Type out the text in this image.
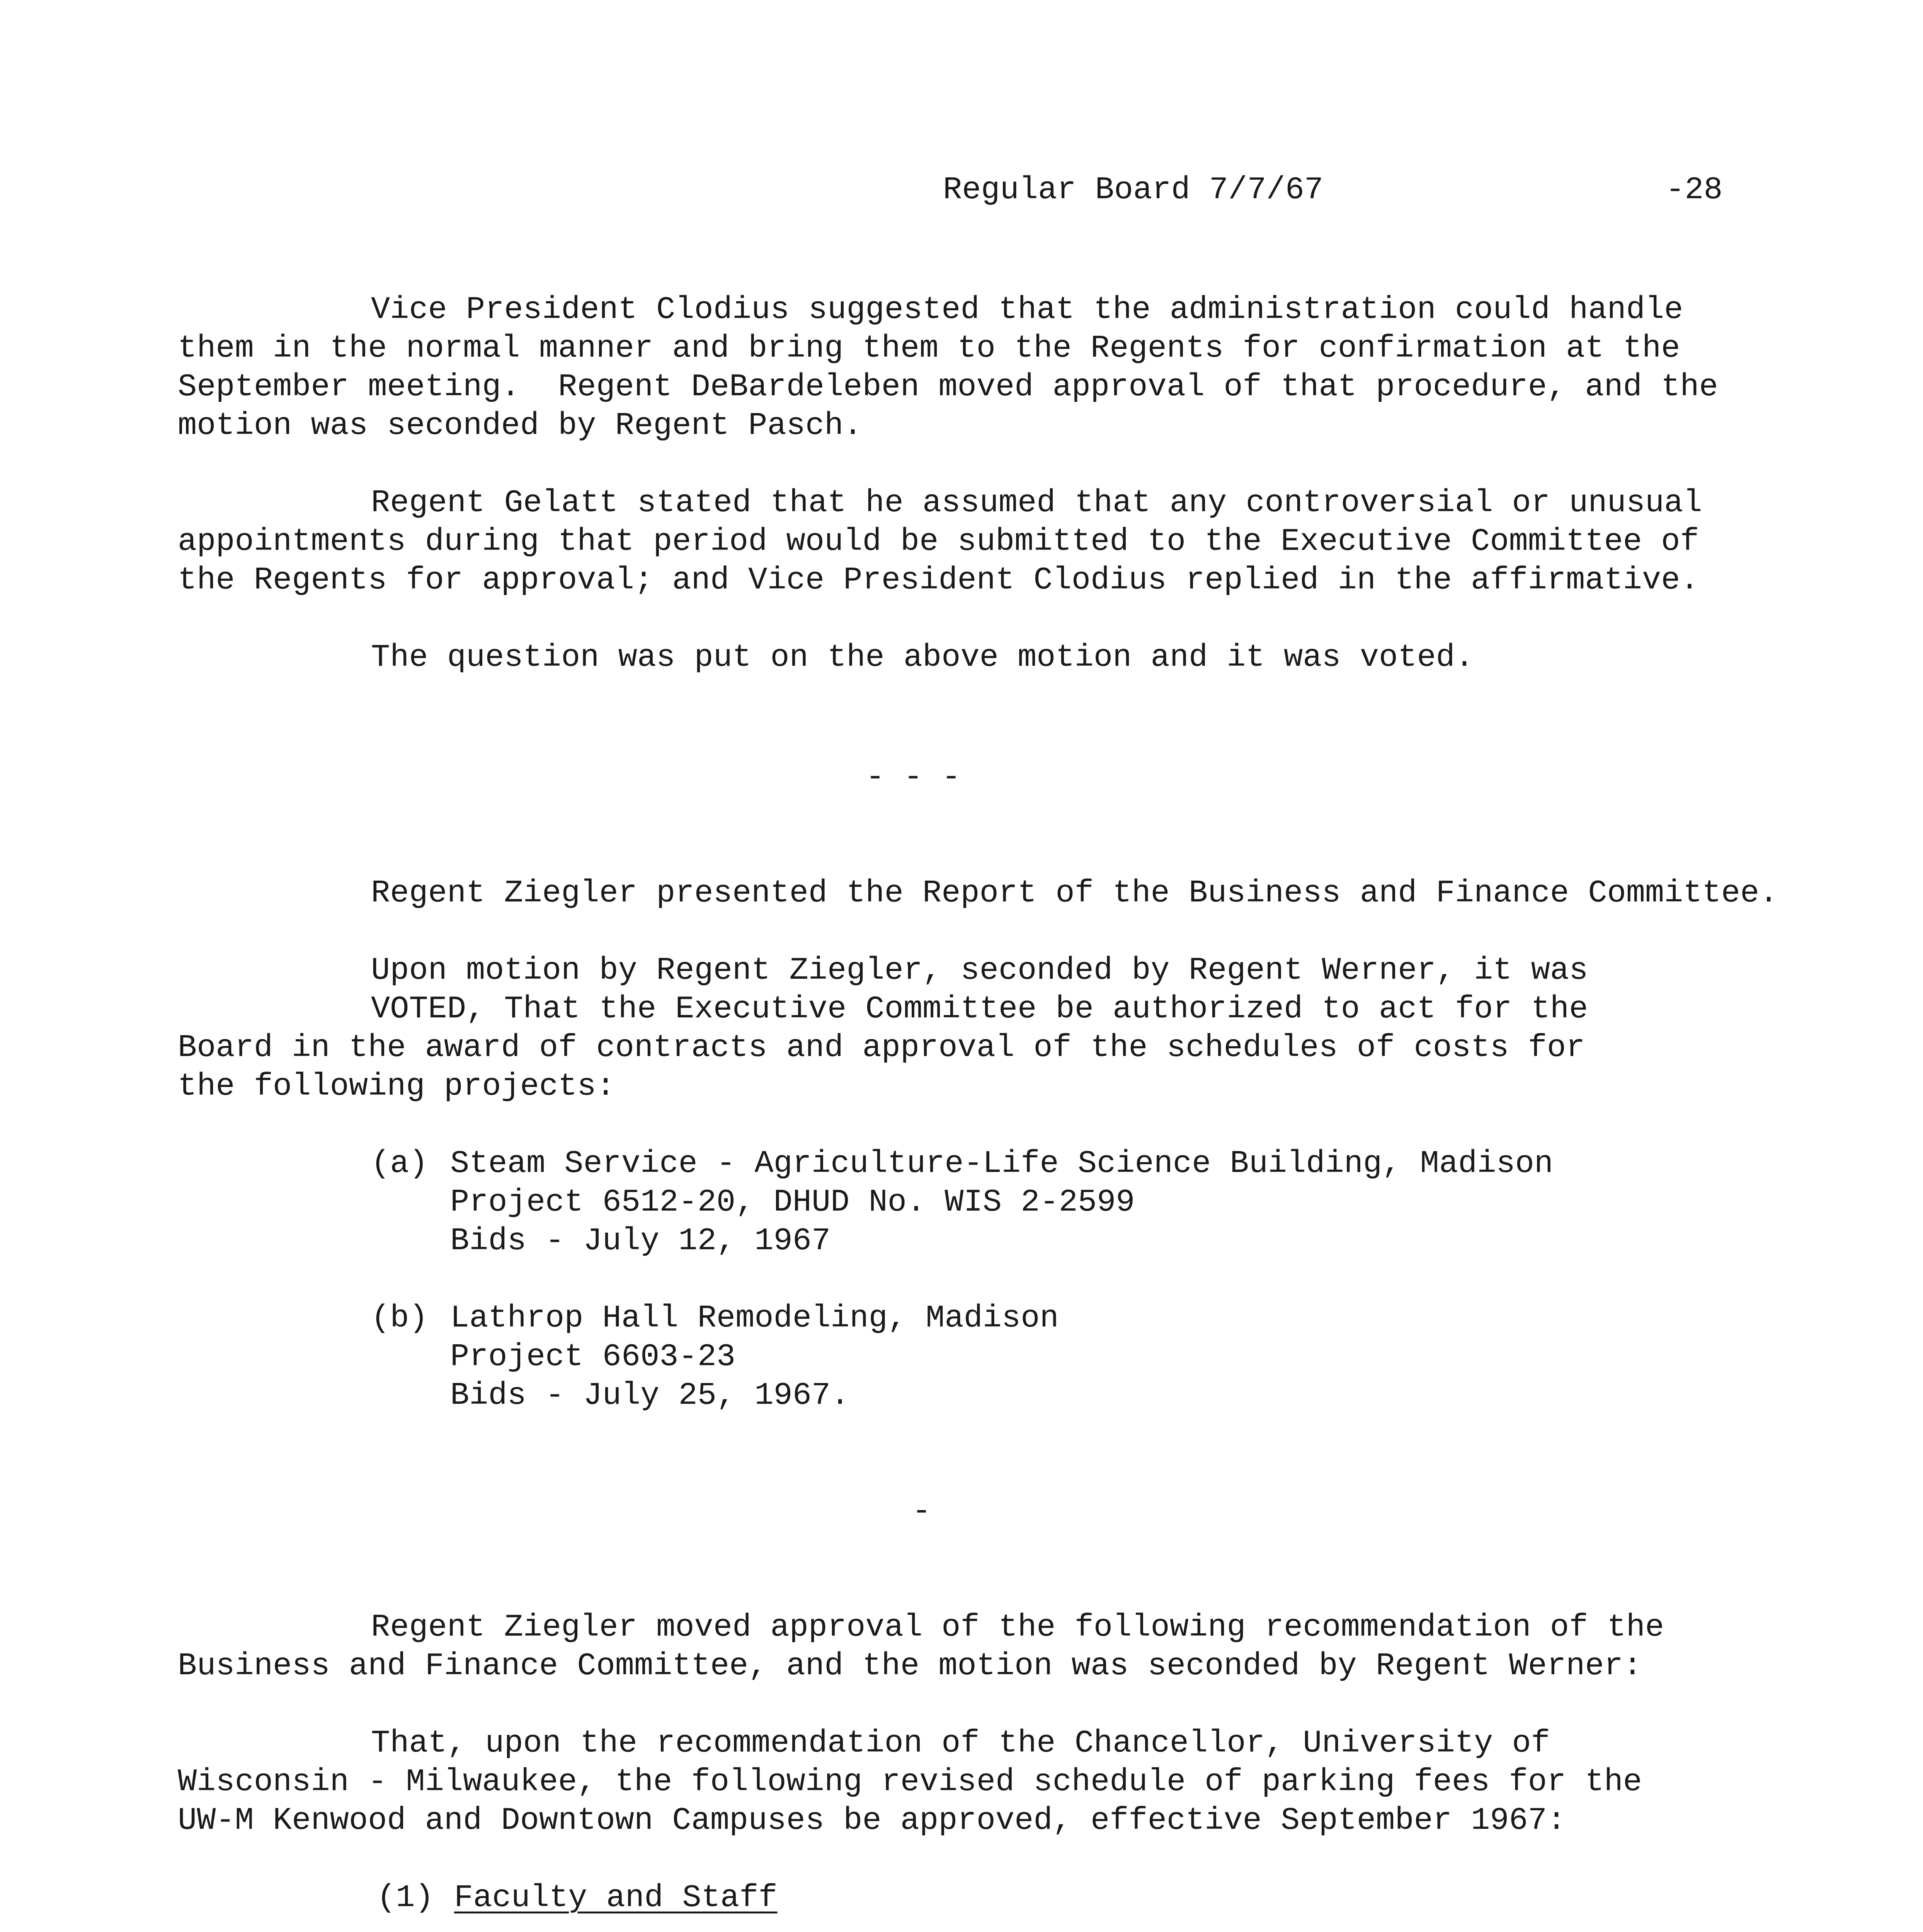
Regular Board 7/7/67	-28
Vice President Clodius suggested that the administration could handle
them in the normal manner and bring them to the Regents for confirmation at the
September meeting.  Regent DeBardeleben moved approval of that procedure, and the
motion was seconded by Regent Pasch.
Regent Gelatt stated that he assumed that any controversial or unusual
appointments during that period would be submitted to the Executive Committee of
the Regents for approval; and Vice President Clodius replied in the affirmative.
The question was put on the above motion and it was voted.
- - -
Regent Ziegler presented the Report of the Business and Finance Committee.
Upon motion by Regent Ziegler, seconded by Regent Werner, it was
VOTED, That the Executive Committee be authorized to act for the
Board in the award of contracts and approval of the schedules of costs for
the following projects:
(a) Steam Service - Agriculture-Life Science Building, Madison
Project 6512-20, DHUD No. WIS 2-2599
Bids - July 12, 1967
(b) Lathrop Hall Remodeling, Madison
Project 6603-23
Bids - July 25, 1967.
-
Regent Ziegler moved approval of the following recommendation of the
Business and Finance Committee, and the motion was seconded by Regent Werner:
That, upon the recommendation of the Chancellor, University of
Wisconsin - Milwaukee, the following revised schedule of parking fees for the
UW-M Kenwood and Downtown Campuses be approved, effective September 1967:
(1) Faculty and Staff
